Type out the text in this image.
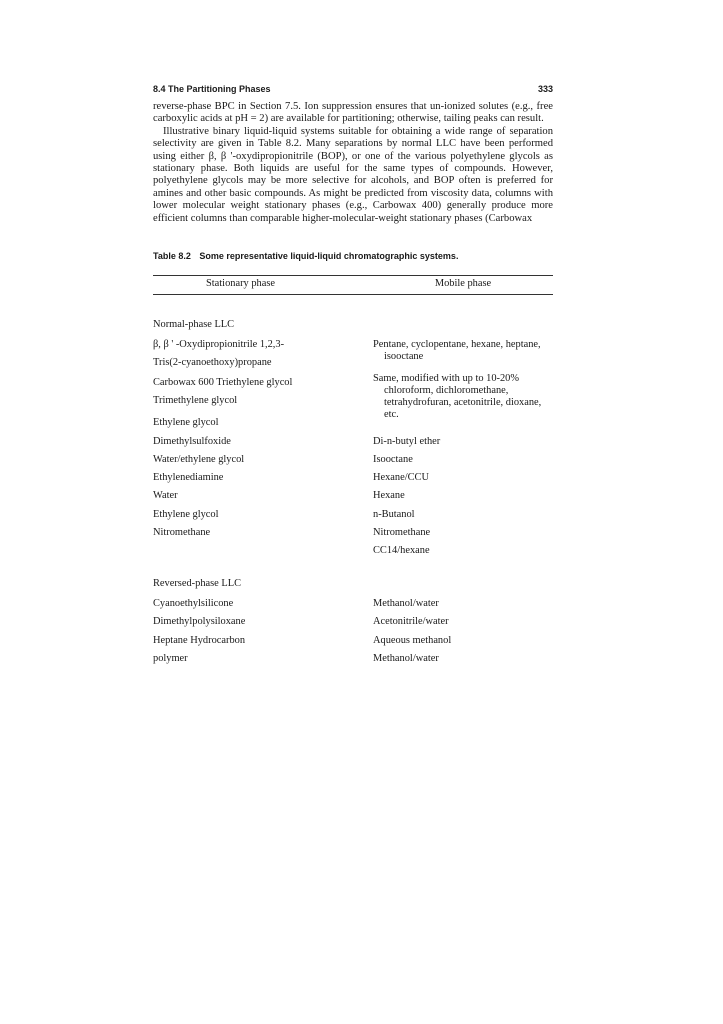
8.4 The Partitioning Phases	333

reverse-phase BPC in Section 7.5. Ion suppression ensures that un-ionized solutes (e.g., free carboxylic acids at pH = 2) are available for partitioning; otherwise, tailing peaks can result.

Illustrative binary liquid-liquid systems suitable for obtaining a wide range of separation selectivity are given in Table 8.2. Many separations by normal LLC have been performed using either β, β '-oxydipropionitrile (BOP), or one of the various polyethylene glycols as stationary phase. Both liquids are useful for the same types of compounds. However, polyethylene glycols may be more selective for alcohols, and BOP often is preferred for amines and other basic compounds. As might be predicted from viscosity data, columns with lower molecular weight stationary phases (e.g., Carbowax 400) generally produce more efficient columns than comparable higher-molecular-weight stationary phases (Carbowax

Table 8.2 Some representative liquid-liquid chromatographic systems.
Stationary phase	Mobile phase
Normal-phase LLC
β, β ' -Oxydipropionitrile 1,2,3-
Tris(2-cyanoethoxy)propane
Carbowax 600 Triethylene glycol
Trimethylene glycol
Ethylene glycol
Dimethylsulfoxide
Water/ethylene glycol
Ethylenediamine
Water
Ethylene glycol
Nitromethane
Pentane, cyclopentane, hexane, heptane, isooctane
Same, modified with up to 10-20% chloroform, dichloromethane, tetrahydrofuran, acetonitrile, dioxane, etc.
Di-n-butyl ether
Isooctane
Hexane/CCU
Hexane
n-Butanol
Nitromethane
CC14/hexane
Reversed-phase LLC
Cyanoethylsilicone
Dimethylpolysiloxane
Heptane Hydrocarbon
polymer
Methanol/water
Acetonitrile/water
Aqueous methanol
Methanol/water
